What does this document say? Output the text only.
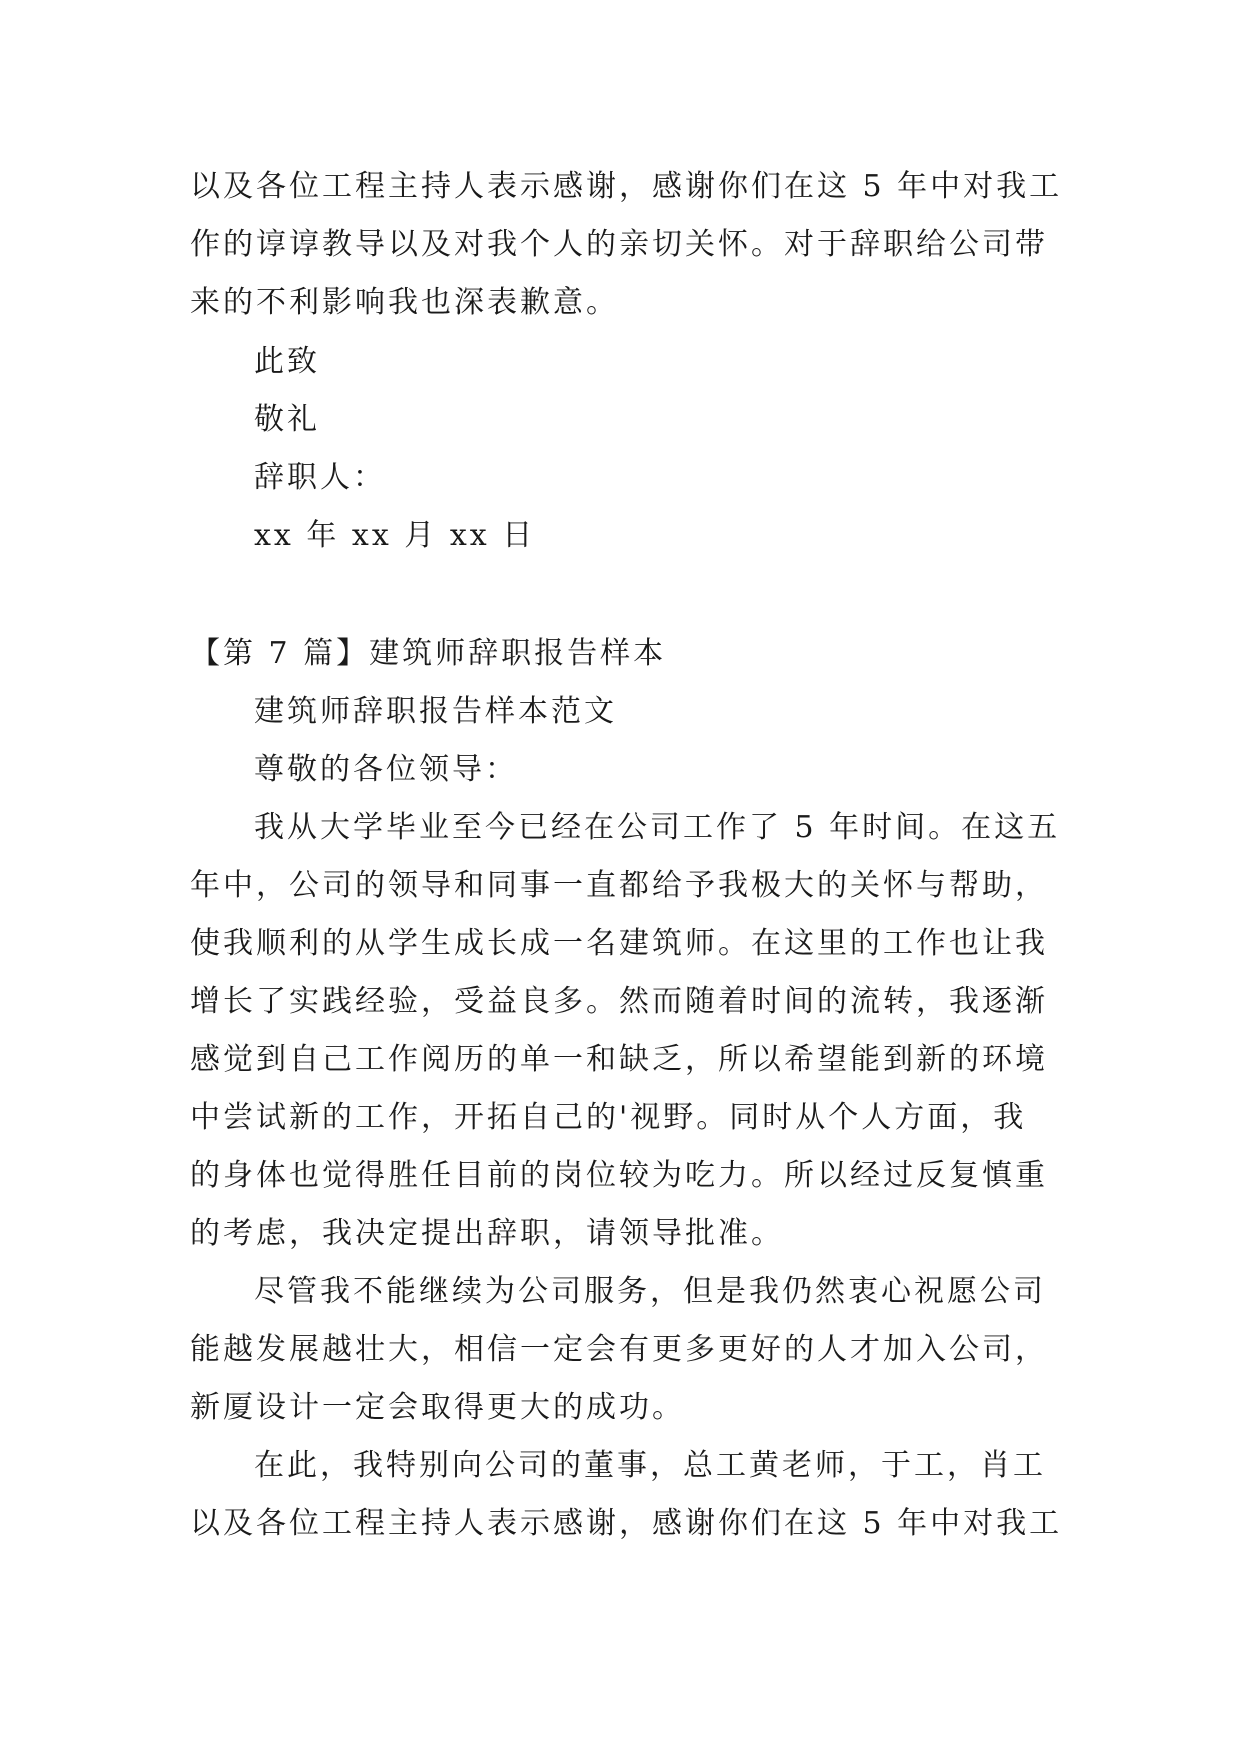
以及各位工程主持人表示感谢，感谢你们在这 5 年中对我工
作的谆谆教导以及对我个人的亲切关怀。对于辞职给公司带
来的不利影响我也深表歉意。
此致
敬礼
辞职人：
xx 年 xx 月 xx 日
【第 7 篇】建筑师辞职报告样本
建筑师辞职报告样本范文
尊敬的各位领导：
我从大学毕业至今已经在公司工作了 5 年时间。在这五
年中，公司的领导和同事一直都给予我极大的关怀与帮助，
使我顺利的从学生成长成一名建筑师。在这里的工作也让我
增长了实践经验，受益良多。然而随着时间的流转，我逐渐
感觉到自己工作阅历的单一和缺乏，所以希望能到新的环境
中尝试新的工作，开拓自己的'视野。同时从个人方面，我
的身体也觉得胜任目前的岗位较为吃力。所以经过反复慎重
的考虑，我决定提出辞职，请领导批准。
尽管我不能继续为公司服务，但是我仍然衷心祝愿公司
能越发展越壮大，相信一定会有更多更好的人才加入公司，
新厦设计一定会取得更大的成功。
在此，我特别向公司的董事，总工黄老师，于工，肖工
以及各位工程主持人表示感谢，感谢你们在这 5 年中对我工
